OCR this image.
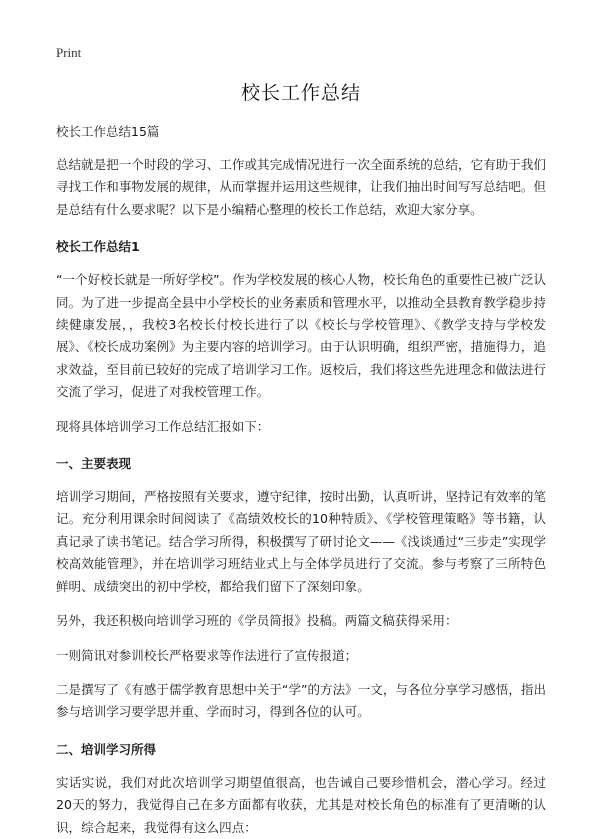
Print
校长工作总结

校长工作总结15篇

总结就是把一个时段的学习、工作或其完成情况进行一次全面系统的总结，它有助于我们寻找工作和事物发展的规律，从而掌握并运用这些规律，让我们抽出时间写写总结吧。但是总结有什么要求呢？以下是小编精心整理的校长工作总结，欢迎大家分享。

校长工作总结1

“一个好校长就是一所好学校”。作为学校发展的核心人物，校长角色的重要性已被广泛认同。为了进一步提高全县中小学校长的业务素质和管理水平，以推动全县教育教学稳步持续健康发展，，我校3名校长付校长进行了以《校长与学校管理》、《教学支持与学校发展》、《校长成功案例》为主要内容的培训学习。由于认识明确，组织严密，措施得力，追求效益，至目前已较好的完成了培训学习工作。返校后，我们将这些先进理念和做法进行交流了学习，促进了对我校管理工作。

现将具体培训学习工作总结汇报如下：

一、主要表现

培训学习期间，严格按照有关要求，遵守纪律，按时出勤，认真听讲，坚持记有效率的笔记。充分利用课余时间阅读了《高绩效校长的10种特质》、《学校管理策略》等书籍，认真记录了读书笔记。结合学习所得，积极撰写了研讨论文——《浅谈通过“三步走”实现学校高效能管理》，并在培训学习班结业式上与全体学员进行了交流。参与考察了三所特色鲜明、成绩突出的初中学校，都给我们留下了深刻印象。

另外，我还积极向培训学习班的《学员简报》投稿。两篇文稿获得采用：

一则简讯对参训校长严格要求等作法进行了宣传报道；

二是撰写了《有感于儒学教育思想中关于“学”的方法》一文，与各位分享学习感悟，指出参与培训学习要学思并重、学而时习，得到各位的认可。

二、培训学习所得

实话实说，我们对此次培训学习期望值很高，也告诫自己要珍惜机会，潜心学习。经过20天的努力，我觉得自己在多方面都有收获，尤其是对校长角色的标准有了更清晰的认识，综合起来，我觉得有这么四点：
